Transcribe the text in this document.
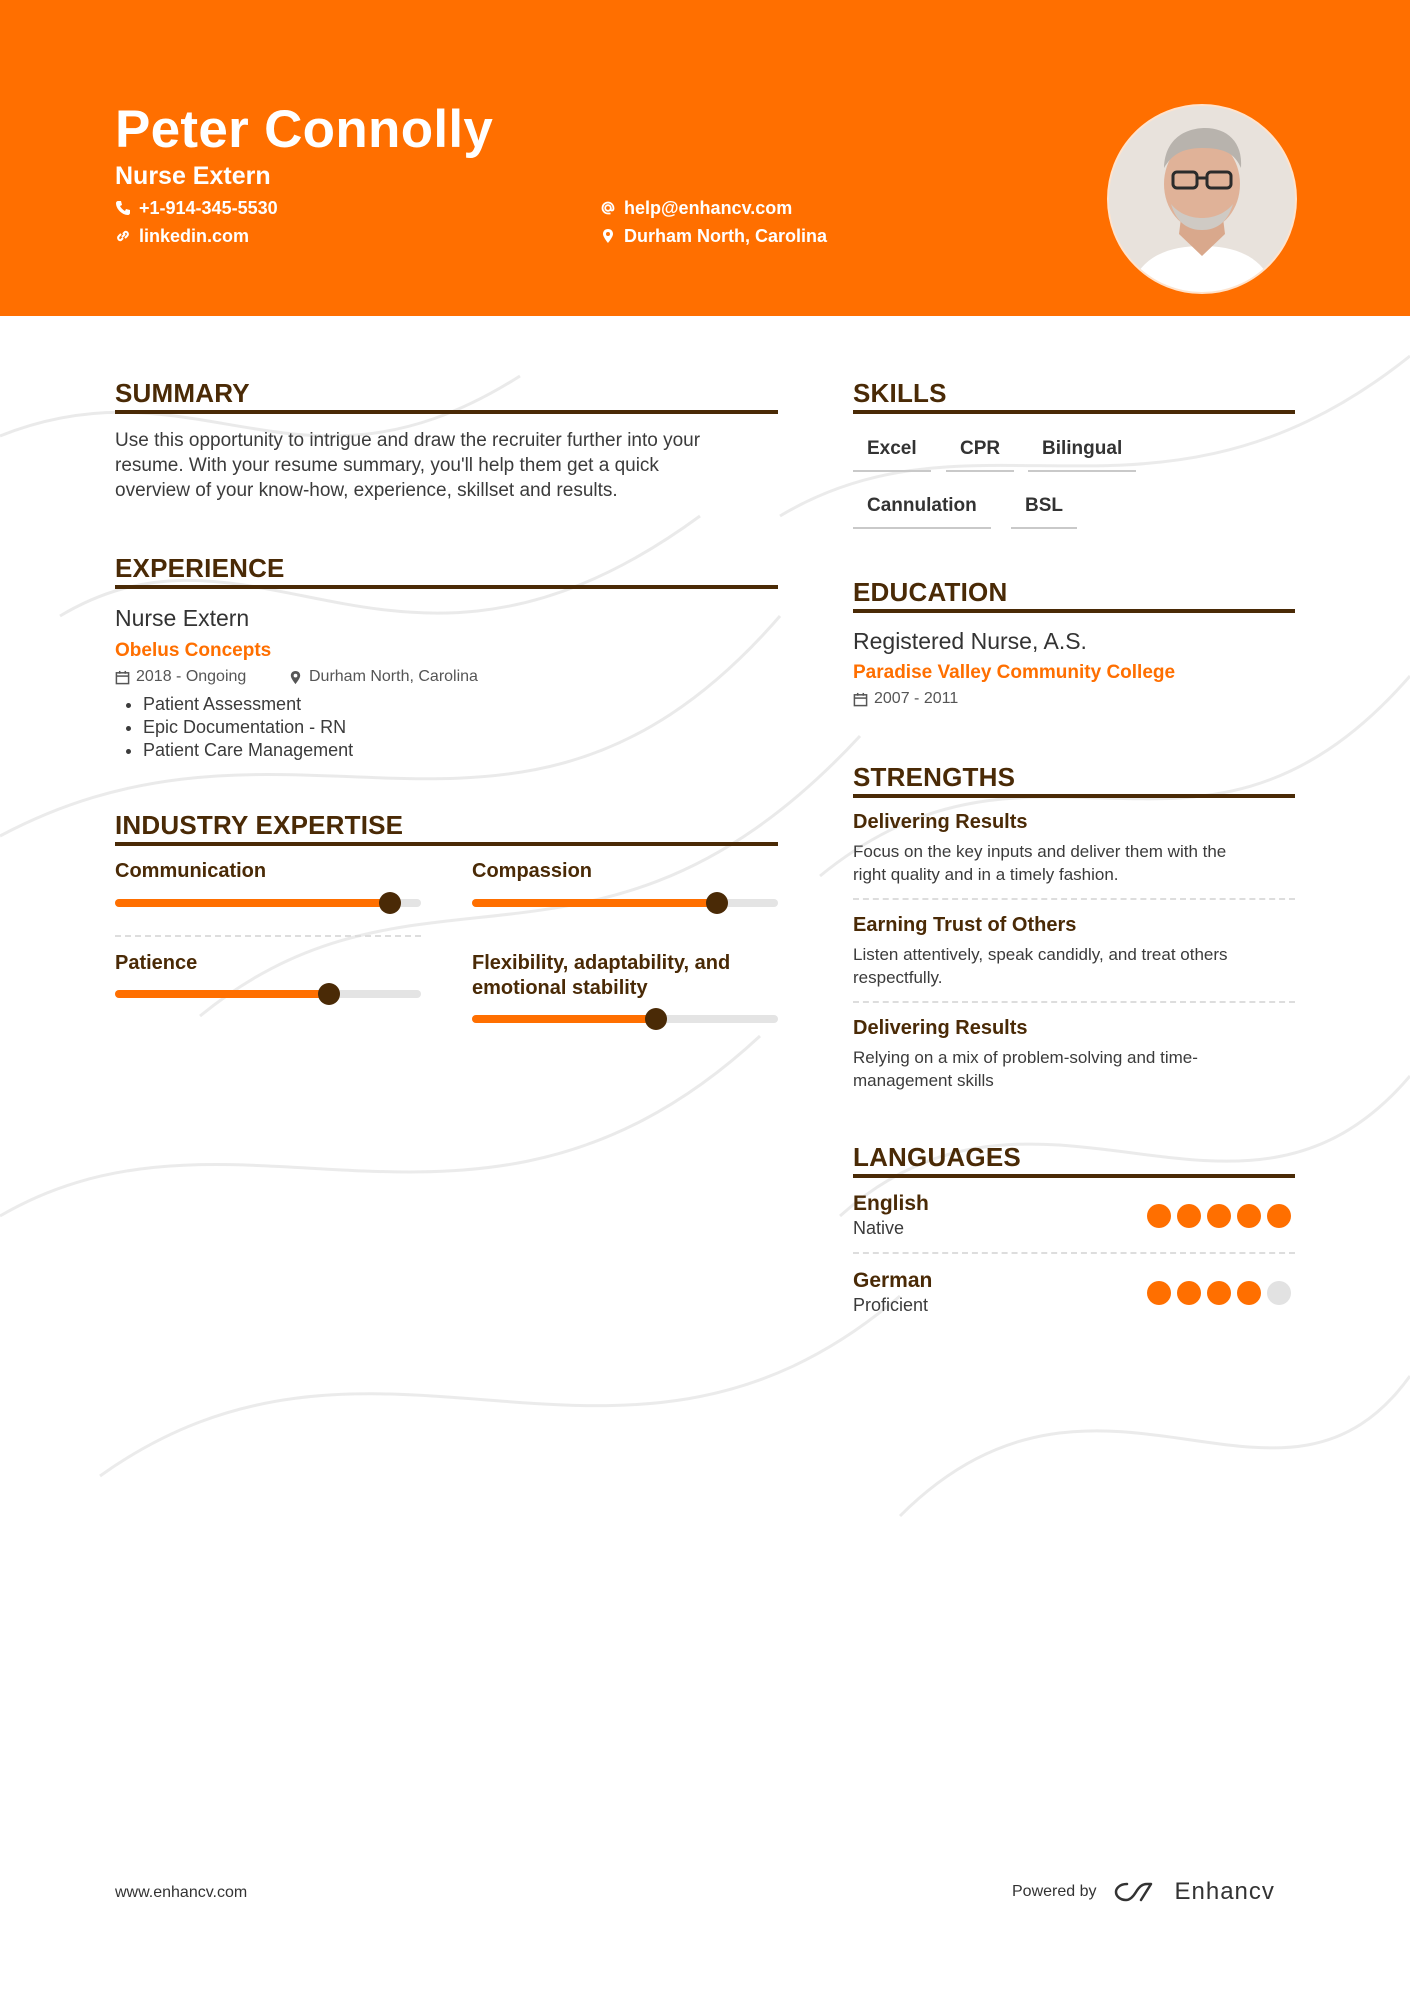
Peter Connolly
Nurse Extern
+1-914-345-5530
linkedin.com
help@enhancv.com
Durham North, Carolina
SUMMARY
Use this opportunity to intrigue and draw the recruiter further into your
resume. With your resume summary, you'll help them get a quick
overview of your know-how, experience, skillset and results.
EXPERIENCE
Nurse Extern
Obelus Concepts
2018 - Ongoing	Durham North, Carolina
• Patient Assessment
• Epic Documentation - RN
• Patient Care Management
INDUSTRY EXPERTISE
Communication	Compassion
Patience	Flexibility, adaptability, and
emotional stability
SKILLS
Excel	CPR	Bilingual
Cannulation	BSL
EDUCATION
Registered Nurse, A.S.
Paradise Valley Community College
2007 - 2011
STRENGTHS
Delivering Results
Focus on the key inputs and deliver them with the
right quality and in a timely fashion.
Earning Trust of Others
Listen attentively, speak candidly, and treat others
respectfully.
Delivering Results
Relying on a mix of problem-solving and time-
management skills
LANGUAGES
English
Native
German
Proficient
www.enhancv.com	Powered by	Enhancv
